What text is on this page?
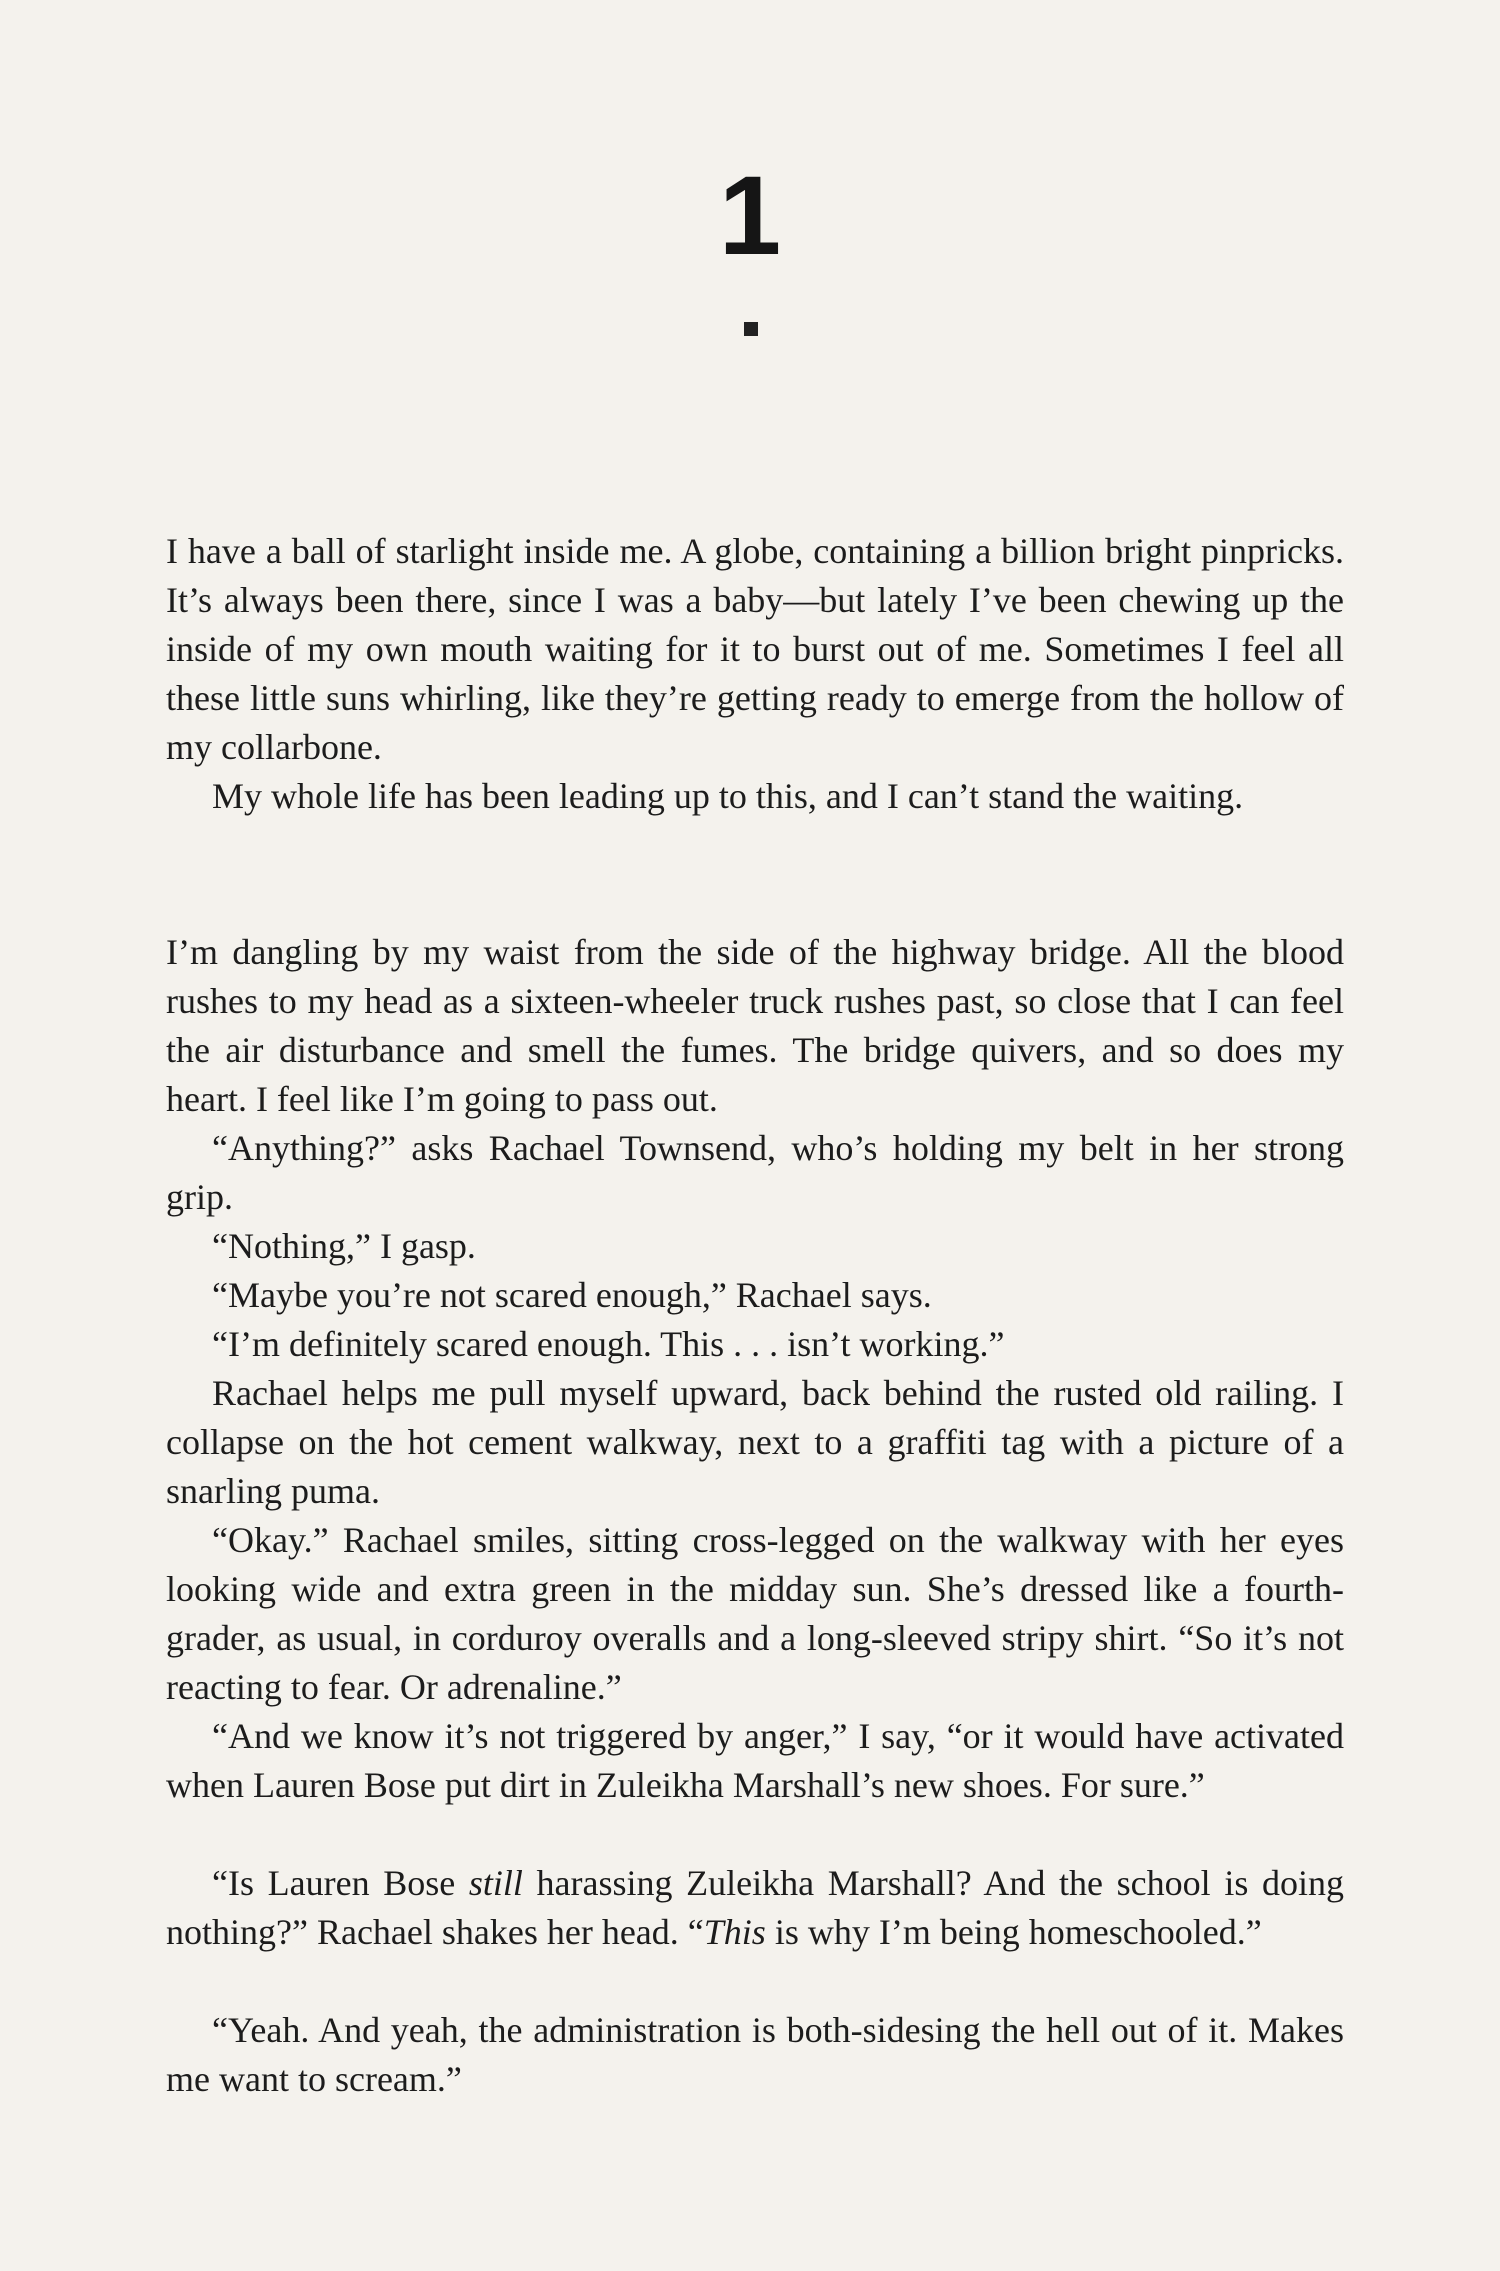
1

I have a ball of starlight inside me. A globe, containing a billion bright pinpricks. It’s always been there, since I was a baby—but lately I’ve been chewing up the inside of my own mouth waiting for it to burst out of me. Sometimes I feel all these little suns whirling, like they’re getting ready to emerge from the hollow of my collarbone.

My whole life has been leading up to this, and I can’t stand the waiting.

I’m dangling by my waist from the side of the highway bridge. All the blood rushes to my head as a sixteen-wheeler truck rushes past, so close that I can feel the air disturbance and smell the fumes. The bridge quivers, and so does my heart. I feel like I’m going to pass out.

“Anything?” asks Rachael Townsend, who’s holding my belt in her strong grip.

“Nothing,” I gasp.

“Maybe you’re not scared enough,” Rachael says.

“I’m definitely scared enough. This . . . isn’t working.”

Rachael helps me pull myself upward, back behind the rusted old railing. I collapse on the hot cement walkway, next to a graffiti tag with a picture of a snarling puma.

“Okay.” Rachael smiles, sitting cross-legged on the walkway with her eyes looking wide and extra green in the midday sun. She’s dressed like a fourth-grader, as usual, in corduroy overalls and a long-sleeved stripy shirt. “So it’s not reacting to fear. Or adrenaline.”

“And we know it’s not triggered by anger,” I say, “or it would have activated when Lauren Bose put dirt in Zuleikha Marshall’s new shoes. For sure.”

“Is Lauren Bose still harassing Zuleikha Marshall? And the school is doing nothing?” Rachael shakes her head. “This is why I’m being homeschooled.”

“Yeah. And yeah, the administration is both-sidesing the hell out of it. Makes me want to scream.”
